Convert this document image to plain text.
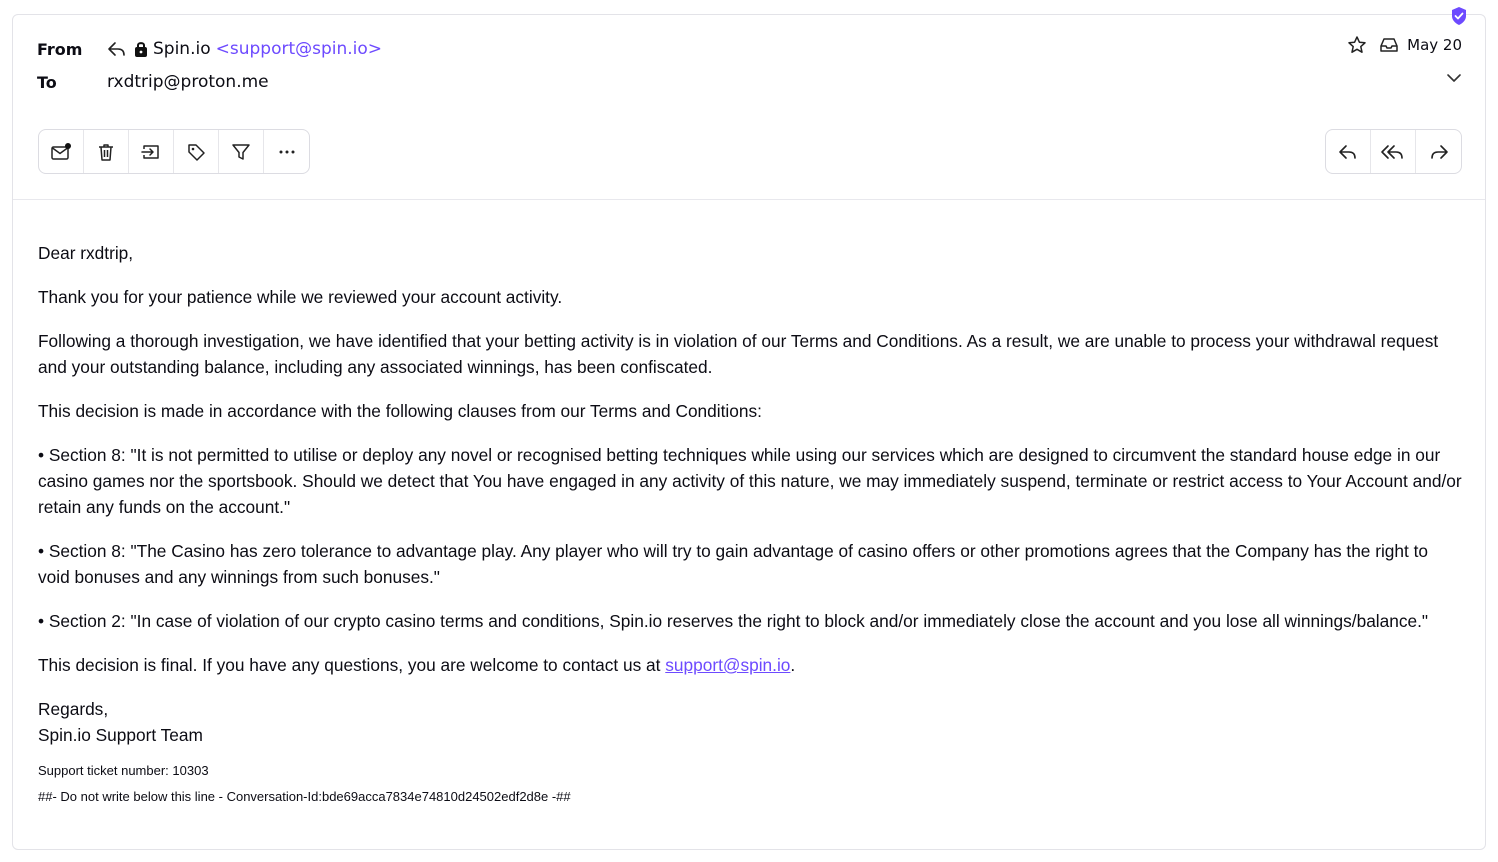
From	Spin.io <support@spin.io>
To	rxdtrip@proton.me
May 20

Dear rxdtrip,

Thank you for your patience while we reviewed your account activity.

Following a thorough investigation, we have identified that your betting activity is in violation of our Terms and Conditions. As a result, we are unable to process your withdrawal request and your outstanding balance, including any associated winnings, has been confiscated.

This decision is made in accordance with the following clauses from our Terms and Conditions:

• Section 8: "It is not permitted to utilise or deploy any novel or recognised betting techniques while using our services which are designed to circumvent the standard house edge in our casino games nor the sportsbook. Should we detect that You have engaged in any activity of this nature, we may immediately suspend, terminate or restrict access to Your Account and/or retain any funds on the account."

• Section 8: "The Casino has zero tolerance to advantage play. Any player who will try to gain advantage of casino offers or other promotions agrees that the Company has the right to void bonuses and any winnings from such bonuses."

• Section 2: "In case of violation of our crypto casino terms and conditions, Spin.io reserves the right to block and/or immediately close the account and you lose all winnings/balance."

This decision is final. If you have any questions, you are welcome to contact us at support@spin.io.

Regards,

Spin.io Support Team

Support ticket number: 10303

##- Do not write below this line - Conversation-Id:bde69acca7834e74810d24502edf2d8e -##
